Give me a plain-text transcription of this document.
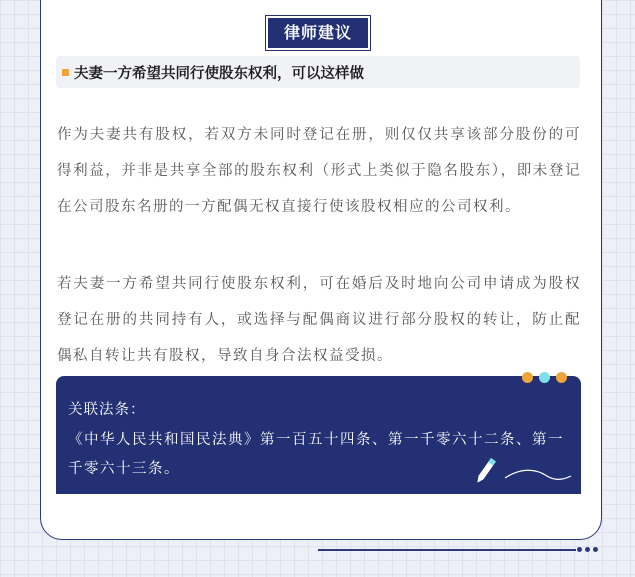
律师建议
夫妻一方希望共同行使股东权利，可以这样做

作为夫妻共有股权，若双方未同时登记在册，则仅仅共享该部分股份的可得利益，并非是共享全部的股东权利（形式上类似于隐名股东），即未登记在公司股东名册的一方配偶无权直接行使该股权相应的公司权利。

若夫妻一方希望共同行使股东权利，可在婚后及时地向公司申请成为股权登记在册的共同持有人，或选择与配偶商议进行部分股权的转让，防止配偶私自转让共有股权，导致自身合法权益受损。

关联法条：

《中华人民共和国民法典》第一百五十四条、第一千零六十二条、第一千零六十三条。
